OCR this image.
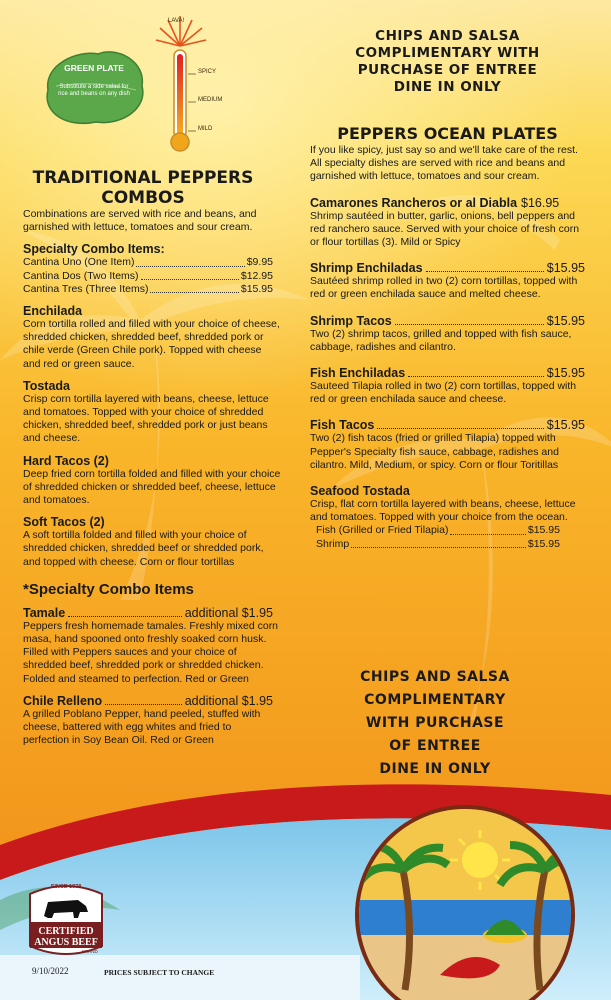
GREEN PLATE
Substitute a side salad for rice and beans on any dish
LAVA!
SPICY
MEDIUM
MILD
CHIPS AND SALSA
COMPLIMENTARY WITH
PURCHASE OF ENTREE
DINE IN ONLY
TRADITIONAL PEPPERS
COMBOS

Combinations are served with rice and beans, and garnished with lettuce, tomatoes and sour cream.

Specialty Combo Items:

Cantina Uno (One Item)	$9.95
Cantina Dos (Two Items)	$12.95
Cantina Tres (Three Items)	$15.95

Enchilada

Corn tortilla rolled and filled with your choice of cheese, shredded chicken, shredded beef, shredded pork or chile verde (Green Chile pork). Topped with cheese and red or green sauce.

Tostada

Crisp corn tortilla layered with beans, cheese, lettuce and tomatoes. Topped with your choice of shredded chicken, shredded beef, shredded pork or just beans and cheese.

Hard Tacos (2)

Deep fried corn tortilla folded and filled with your choice of shredded chicken or shredded beef, cheese, lettuce and tomatoes.

Soft Tacos (2)

A soft tortilla folded and filled with your choice of shredded chicken, shredded beef or shredded pork, and topped with cheese. Corn or flour tortillas

*Specialty Combo Items

Tamale	additional $1.95

Peppers fresh homemade tamales. Freshly mixed corn masa, hand spooned onto freshly soaked corn husk. Filled with Peppers sauces and your choice of shredded beef, shredded pork or shredded chicken. Folded and steamed to perfection. Red or Green

Chile Relleno	additional $1.95

A grilled Poblano Pepper, hand peeled, stuffed with cheese, battered with egg whites and fried to perfection in Soy Bean Oil. Red or Green

PEPPERS OCEAN PLATES

If you like spicy, just say so and we'll take care of the rest. All specialty dishes are served with rice and beans and garnished with lettuce, tomatoes and sour cream.

Camarones Rancheros or al Diabla $16.95

Shrimp sautéed in butter, garlic, onions, bell peppers and red ranchero sauce. Served with your choice of fresh corn or flour tortillas (3). Mild or Spicy

Shrimp Enchiladas	$15.95

Sautéed shrimp rolled in two (2) corn tortillas, topped with red or green enchilada sauce and melted cheese.

Shrimp Tacos	$15.95

Two (2) shrimp tacos, grilled and topped with fish sauce, cabbage, radishes and cilantro.

Fish Enchiladas	$15.95

Sauteed Tilapia rolled in two (2) corn tortillas, topped with red or green enchilada sauce and cheese.

Fish Tacos	$15.95

Two (2) fish tacos (fried or grilled Tilapia) topped with Pepper's Specialty fish sauce, cabbage, radishes and cilantro. Mild, Medium, or spicy. Corn or flour Toritillas

Seafood Tostada

Crisp, flat corn tortilla layered with beans, cheese, lettuce and tomatoes. Topped with your choice from the ocean.

Fish (Grilled or Fried Tilapia)	$15.95
Shrimp	$15.95
CHIPS AND SALSA
COMPLIMENTARY
WITH PURCHASE
OF ENTREE
DINE IN ONLY
SINCE 1978
CERTIFIED
ANGUS BEEF
BRAND
9/10/2022	PRICES SUBJECT TO CHANGE
